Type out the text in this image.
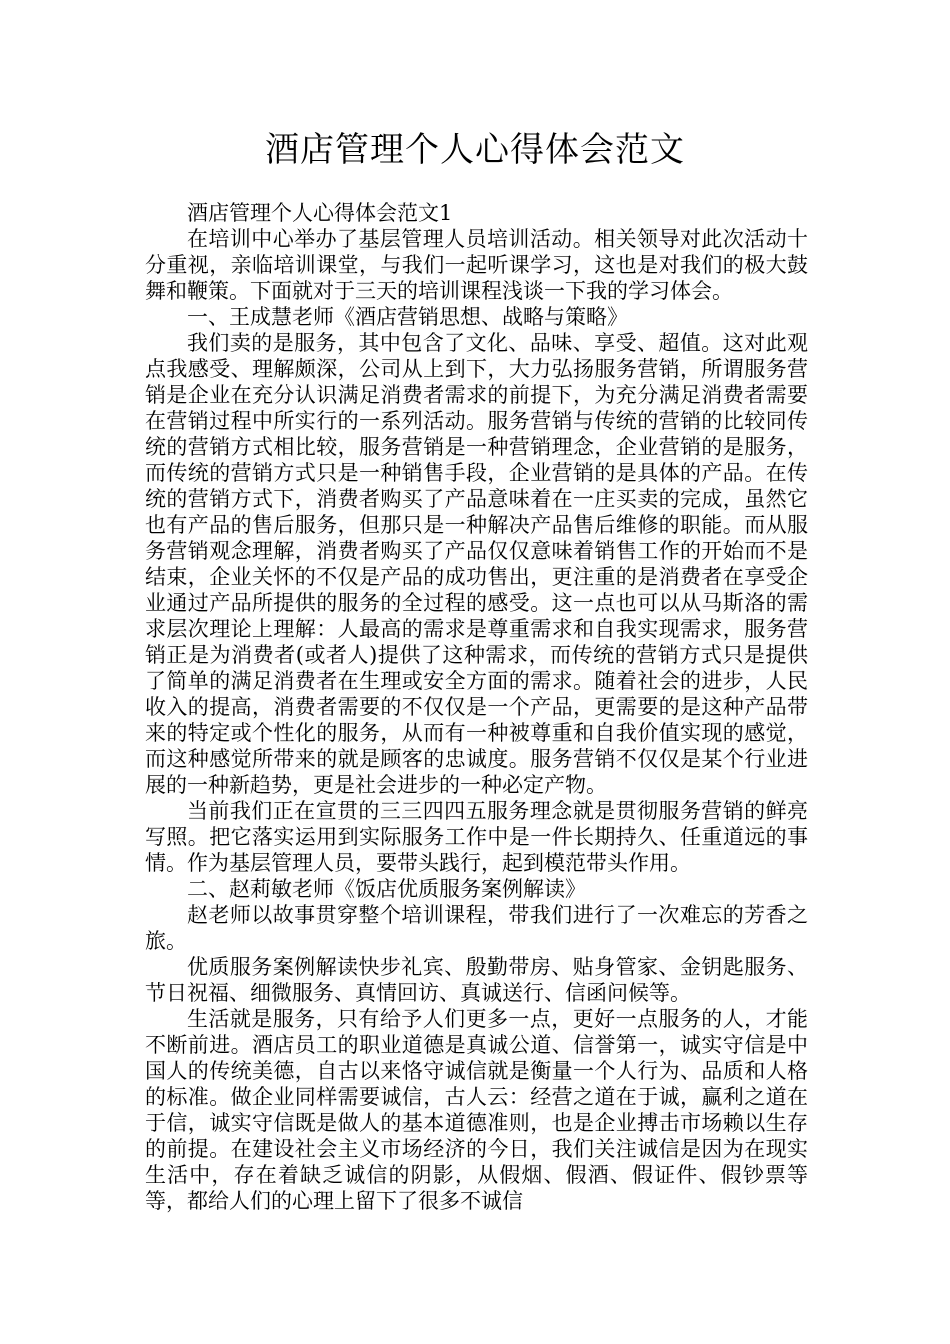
酒店管理个人心得体会范文

酒店管理个人心得体会范文1

在培训中心举办了基层管理人员培训活动。相关领导对此次活动十分重视，亲临培训课堂，与我们一起听课学习，这也是对我们的极大鼓舞和鞭策。下面就对于三天的培训课程浅谈一下我的学习体会。

一、王成慧老师《酒店营销思想、战略与策略》

我们卖的是服务，其中包含了文化、品味、享受、超值。这对此观点我感受、理解颇深，公司从上到下，大力弘扬服务营销，所谓服务营销是企业在充分认识满足消费者需求的前提下，为充分满足消费者需要在营销过程中所实行的一系列活动。服务营销与传统的营销的比较同传统的营销方式相比较，服务营销是一种营销理念，企业营销的是服务，而传统的营销方式只是一种销售手段，企业营销的是具体的产品。在传统的营销方式下，消费者购买了产品意味着在一庄买卖的完成，虽然它也有产品的售后服务，但那只是一种解决产品售后维修的职能。而从服务营销观念理解，消费者购买了产品仅仅意味着销售工作的开始而不是结束，企业关怀的不仅是产品的成功售出，更注重的是消费者在享受企业通过产品所提供的服务的全过程的感受。这一点也可以从马斯洛的需求层次理论上理解：人最高的需求是尊重需求和自我实现需求，服务营销正是为消费者(或者人)提供了这种需求，而传统的营销方式只是提供了简单的满足消费者在生理或安全方面的需求。随着社会的进步，人民收入的提高，消费者需要的不仅仅是一个产品，更需要的是这种产品带来的特定或个性化的服务，从而有一种被尊重和自我价值实现的感觉，而这种感觉所带来的就是顾客的忠诚度。服务营销不仅仅是某个行业进展的一种新趋势，更是社会进步的一种必定产物。

当前我们正在宣贯的三三四四五服务理念就是贯彻服务营销的鲜亮写照。把它落实运用到实际服务工作中是一件长期持久、任重道远的事情。作为基层管理人员，要带头践行，起到模范带头作用。

二、赵莉敏老师《饭店优质服务案例解读》

赵老师以故事贯穿整个培训课程，带我们进行了一次难忘的芳香之旅。

优质服务案例解读快步礼宾、殷勤带房、贴身管家、金钥匙服务、节日祝福、细微服务、真情回访、真诚送行、信函问候等。

生活就是服务，只有给予人们更多一点，更好一点服务的人，才能不断前进。酒店员工的职业道德是真诚公道、信誉第一，诚实守信是中国人的传统美德，自古以来恪守诚信就是衡量一个人行为、品质和人格的标准。做企业同样需要诚信，古人云：经营之道在于诚，赢利之道在于信，诚实守信既是做人的基本道德准则，也是企业搏击市场赖以生存的前提。在建设社会主义市场经济的今日，我们关注诚信是因为在现实生活中，存在着缺乏诚信的阴影，从假烟、假酒、假证件、假钞票等等，都给人们的心理上留下了很多不诚信
